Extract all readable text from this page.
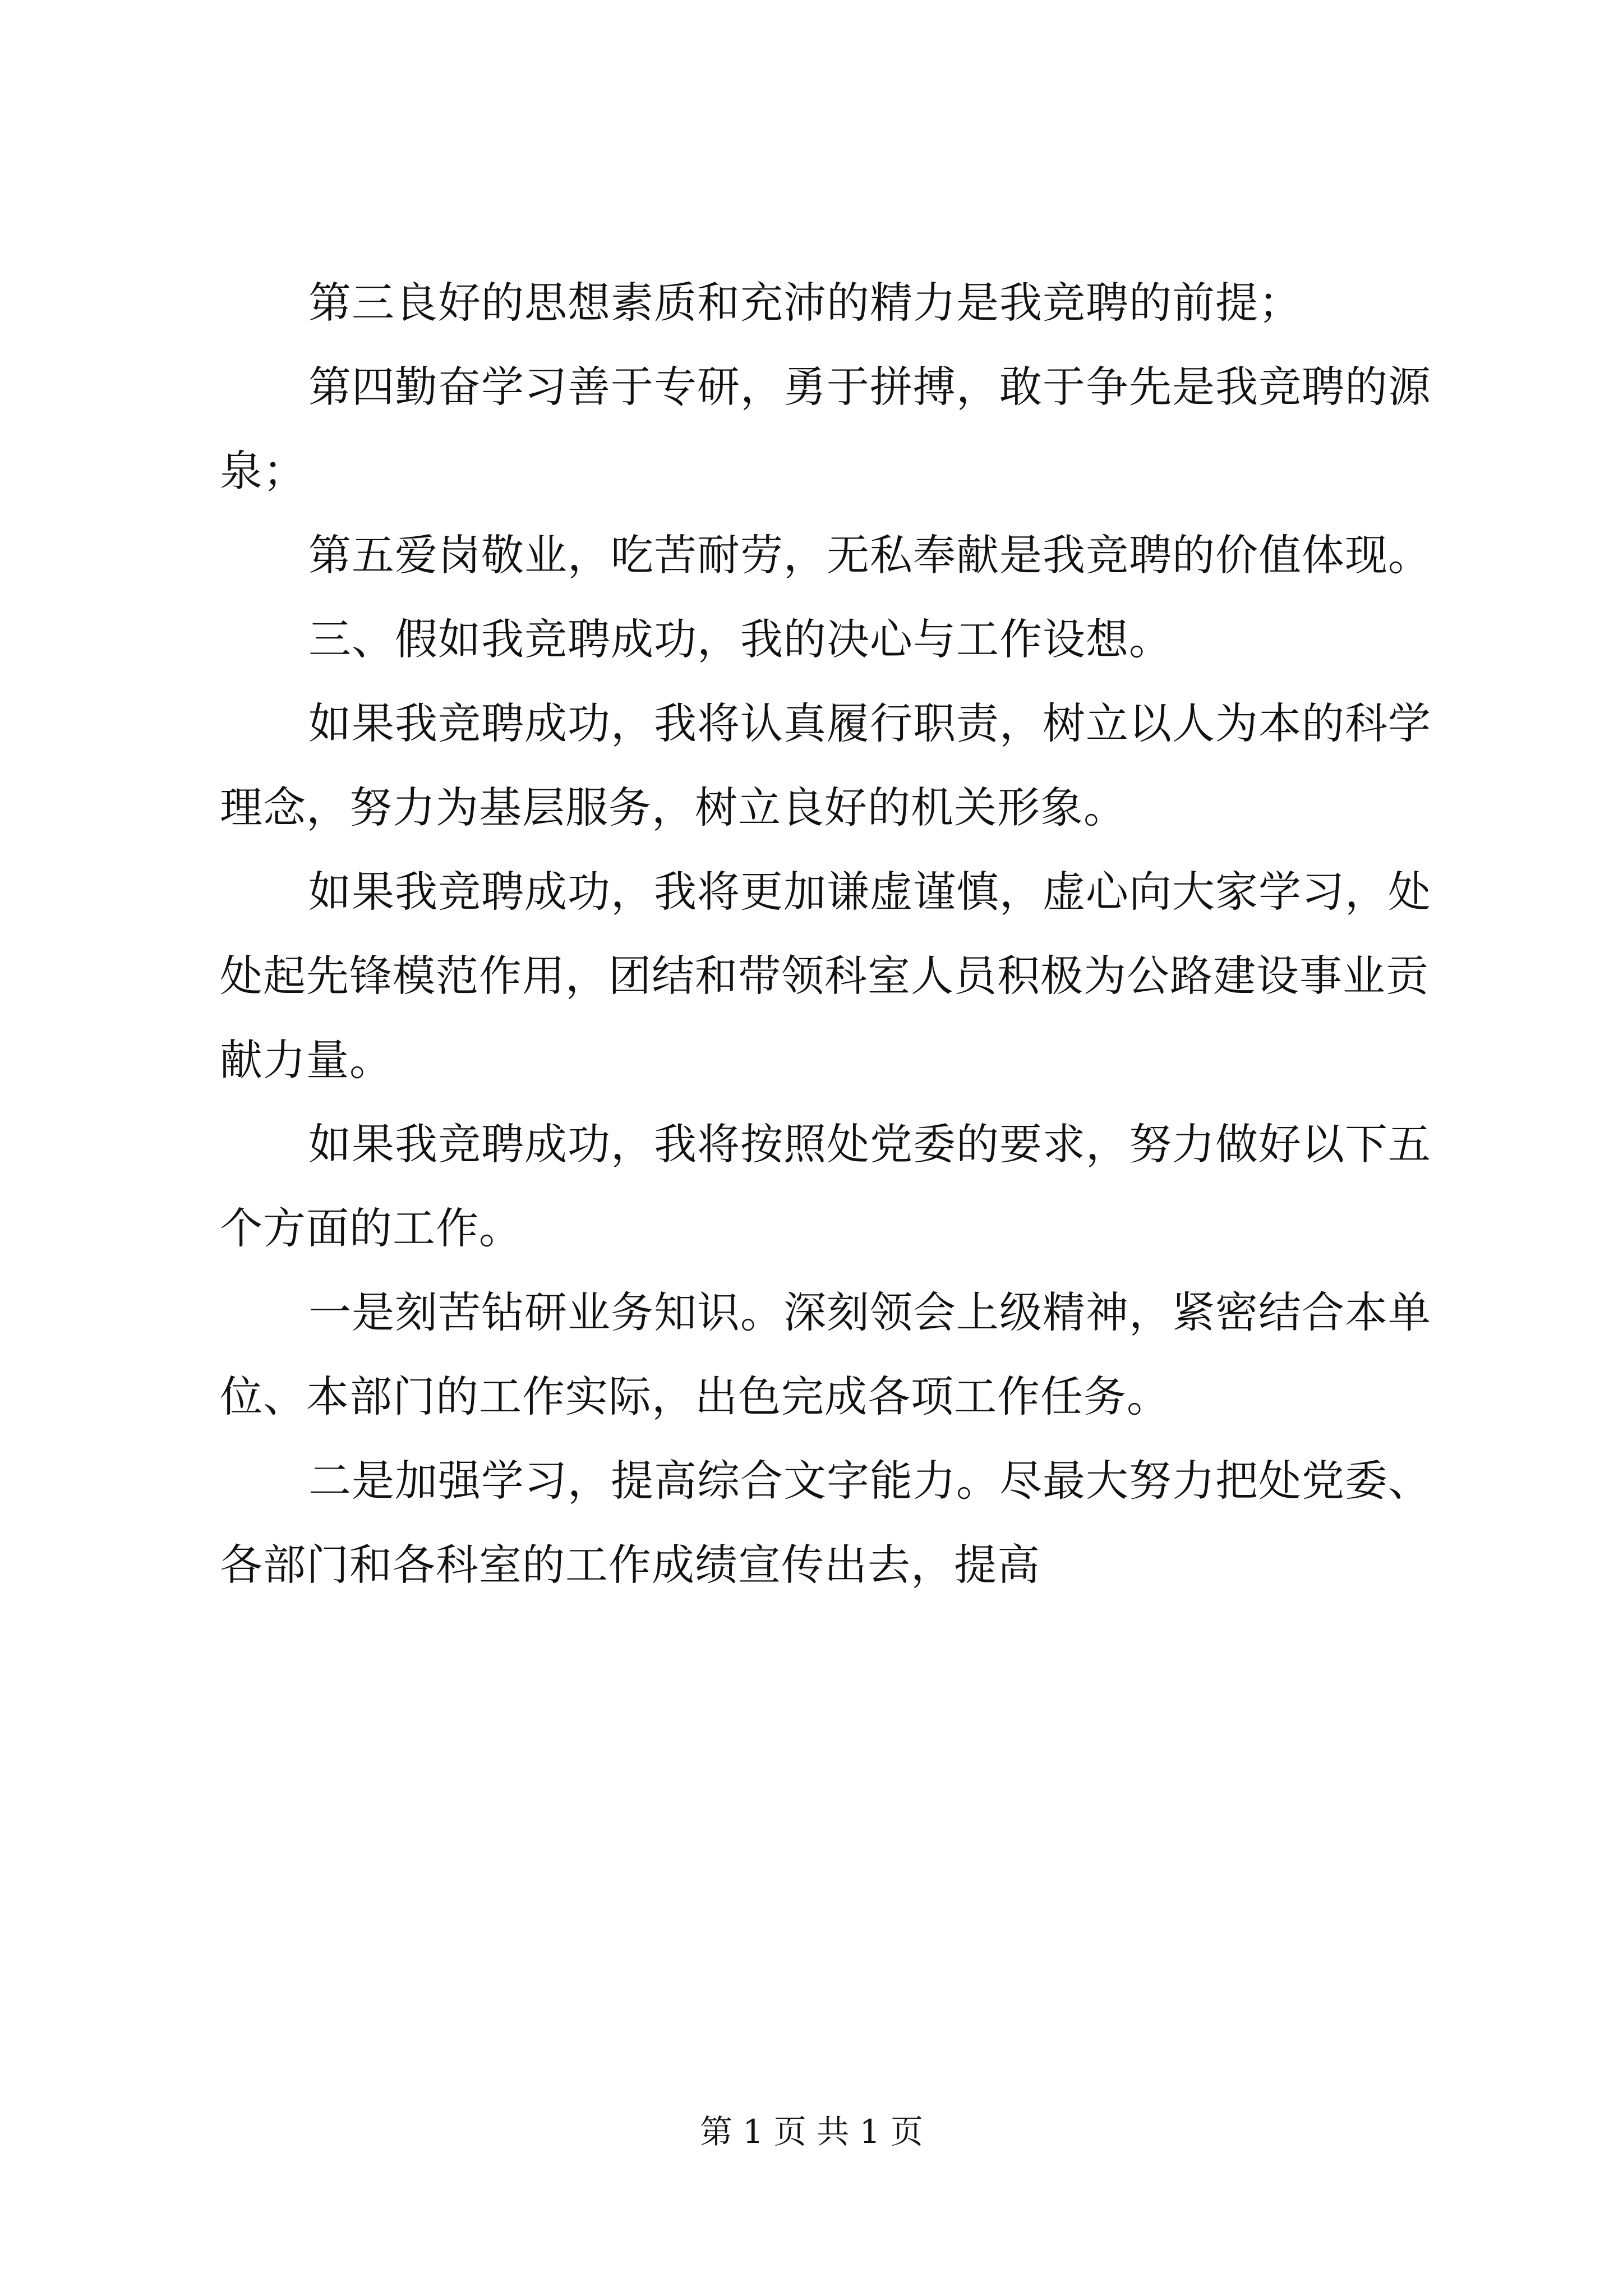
第三良好的思想素质和充沛的精力是我竞聘的前提；
第四勤奋学习善于专研，勇于拼搏，敢于争先是我竞聘的源
泉；
第五爱岗敬业，吃苦耐劳，无私奉献是我竞聘的价值体现。
三、假如我竞聘成功，我的决心与工作设想。
如果我竞聘成功，我将认真履行职责，树立以人为本的科学
理念，努力为基层服务，树立良好的机关形象。
如果我竞聘成功，我将更加谦虚谨慎，虚心向大家学习，处
处起先锋模范作用，团结和带领科室人员积极为公路建设事业贡
献力量。
如果我竞聘成功，我将按照处党委的要求，努力做好以下五
个方面的工作。
一是刻苦钻研业务知识。深刻领会上级精神，紧密结合本单
位、本部门的工作实际，出色完成各项工作任务。
二是加强学习，提高综合文字能力。尽最大努力把处党委、
各部门和各科室的工作成绩宣传出去，提高
第 1 页 共 1 页
